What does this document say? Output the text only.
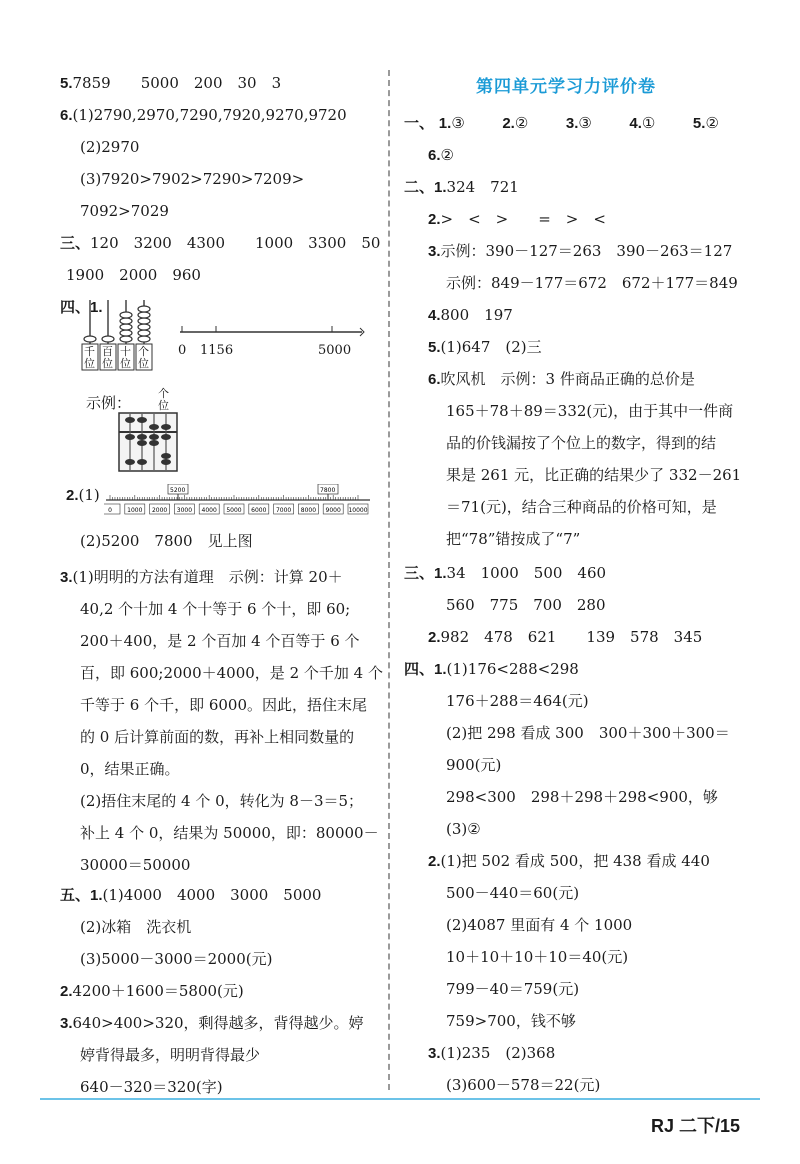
5.7859　　5000　200　30　3
6.(1)2790,2970,7290,7920,9270,9720
(2)2970
(3)7920>7902>7290>7209>
7092>7029
三、120　3200　4300　　1000　3300　50
1900　2000　960
四、1.
千位
百位
十位
个位
0 1156	5000
示例：
个位
2.(1)	5200	7800
0	1000 2000 3000 4000 5000 6000 7000 8000 9000 10000
(2)5200　7800　见上图
3.(1)明明的方法有道理　示例：计算 20＋
40,2 个十加 4 个十等于 6 个十，即 60;
200＋400，是 2 个百加 4 个百等于 6 个
百，即 600;2000＋4000，是 2 个千加 4 个
千等于 6 个千，即 6000。因此，捂住末尾
的 0 后计算前面的数，再补上相同数量的
0，结果正确。
(2)捂住末尾的 4 个 0，转化为 8－3＝5；
补上 4 个 0，结果为 50000，即：80000－
30000＝50000
五、1.(1)4000　4000　3000　5000
(2)冰箱　洗衣机
(3)5000－3000＝2000(元)
2.4200＋1600＝5800(元)
3.640>400>320，剩得越多，背得越少。婷
婷背得最多，明明背得最少
640－320＝320(字)
第四单元学习力评价卷
一、 1.③	2.②	3.③	4.①	5.②
6.②
二、1.324　721
2.>　<　>　　=　>　<
3.示例：390－127＝263　390－263＝127
示例：849－177＝672　672＋177＝849
4.800　197
5.(1)647　(2)三
6.吹风机　示例：3 件商品正确的总价是
165＋78＋89＝332(元)，由于其中一件商
品的价钱漏按了个位上的数字，得到的结
果是 261 元，比正确的结果少了 332－261
＝71(元)，结合三种商品的价格可知，是
把“78”错按成了“7”
三、1.34　1000　500　460
560　775　700　280
2.982　478　621　　139　578　345
四、1.(1)176<288<298
176＋288＝464(元)
(2)把 298 看成 300　300＋300＋300＝
900(元)
298<300　298＋298＋298<900，够
(3)②
2.(1)把 502 看成 500，把 438 看成 440
500－440＝60(元)
(2)4087 里面有 4 个 1000
10＋10＋10＋10＝40(元)
799－40＝759(元)
759>700，钱不够
3.(1)235　(2)368
(3)600－578＝22(元)
RJ 二下/15
